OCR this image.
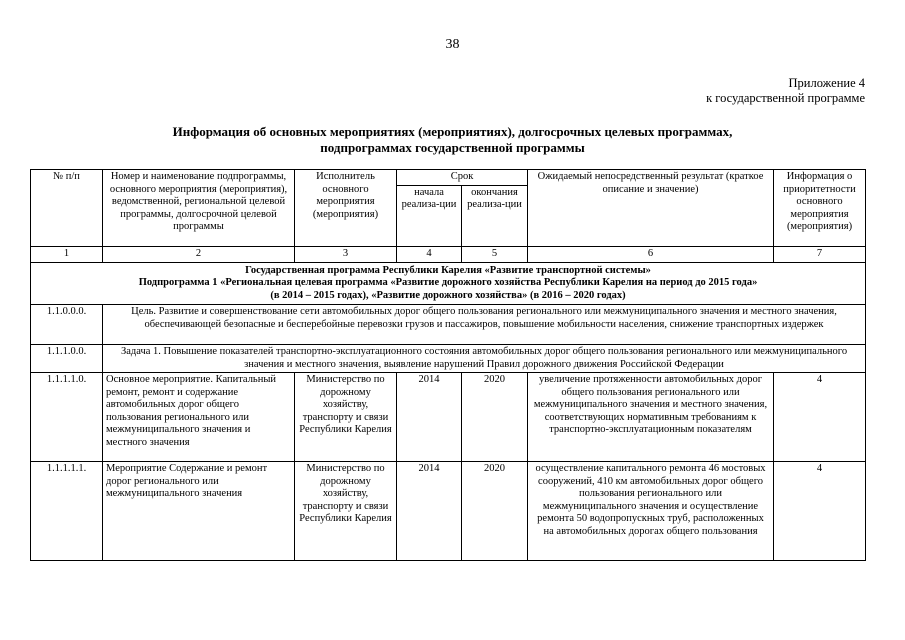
38
Приложение 4
к государственной программе
Информация об основных мероприятиях (мероприятиях), долгосрочных целевых программах,
подпрограммах государственной программы
№ п/п	Номер и наименование подпрограммы, основного мероприятия (мероприятия), ведомственной, региональной целевой программы, долгосрочной целевой программы	Исполнитель основного мероприятия (мероприятия)	Срок		Ожидаемый непосредственный результат (краткое описание и значение)	Информация о приоритетности основного мероприятия (мероприятия)
			начала реализа-ции	окончания реализа-ции		
1	2	3	4	5	6	7

Государственная программа Республики Карелия «Развитие транспортной системы»
Подпрограмма 1 «Региональная целевая программа «Развитие дорожного хозяйства Республики Карелия на период до 2015 года»
(в 2014 – 2015 годах), «Развитие дорожного хозяйства» (в 2016 – 2020 годах)						

1.1.0.0.0.	Цель. Развитие и совершенствование сети автомобильных дорог общего пользования регионального или межмуниципального значения и местного значения, обеспечивающей безопасные и бесперебойные перевозки грузов и пассажиров, повышение мобильности населения, снижение транспортных издержек					
1.1.1.0.0.	Задача 1. Повышение показателей транспортно-эксплуатационного состояния автомобильных дорог общего пользования регионального или межмуниципального значения и местного значения, выявление нарушений Правил дорожного движения Российской Федерации					
1.1.1.1.0.	Основное мероприятие. Капитальный ремонт, ремонт и содержание автомобильных дорог общего пользования регионального или межмуниципального значения и местного значения	Министерство по дорожному хозяйству, транспорту и связи Республики Карелия	2014	2020	увеличение протяженности автомобильных дорог общего пользования регионального или межмуниципального значения и местного значения, соответствующих нормативным требованиям к транспортно-эксплуатационным показателям	4
1.1.1.1.1.	Мероприятие Содержание и ремонт дорог регионального или межмуниципального значения	Министерство по дорожному хозяйству, транспорту и связи Республики Карелия	2014	2020	осуществление капитального ремонта 46 мостовых сооружений, 410 км автомобильных дорог общего пользования регионального или межмуниципального значения и осуществление ремонта 50 водопропускных труб, расположенных на автомобильных дорогах общего пользования	4
